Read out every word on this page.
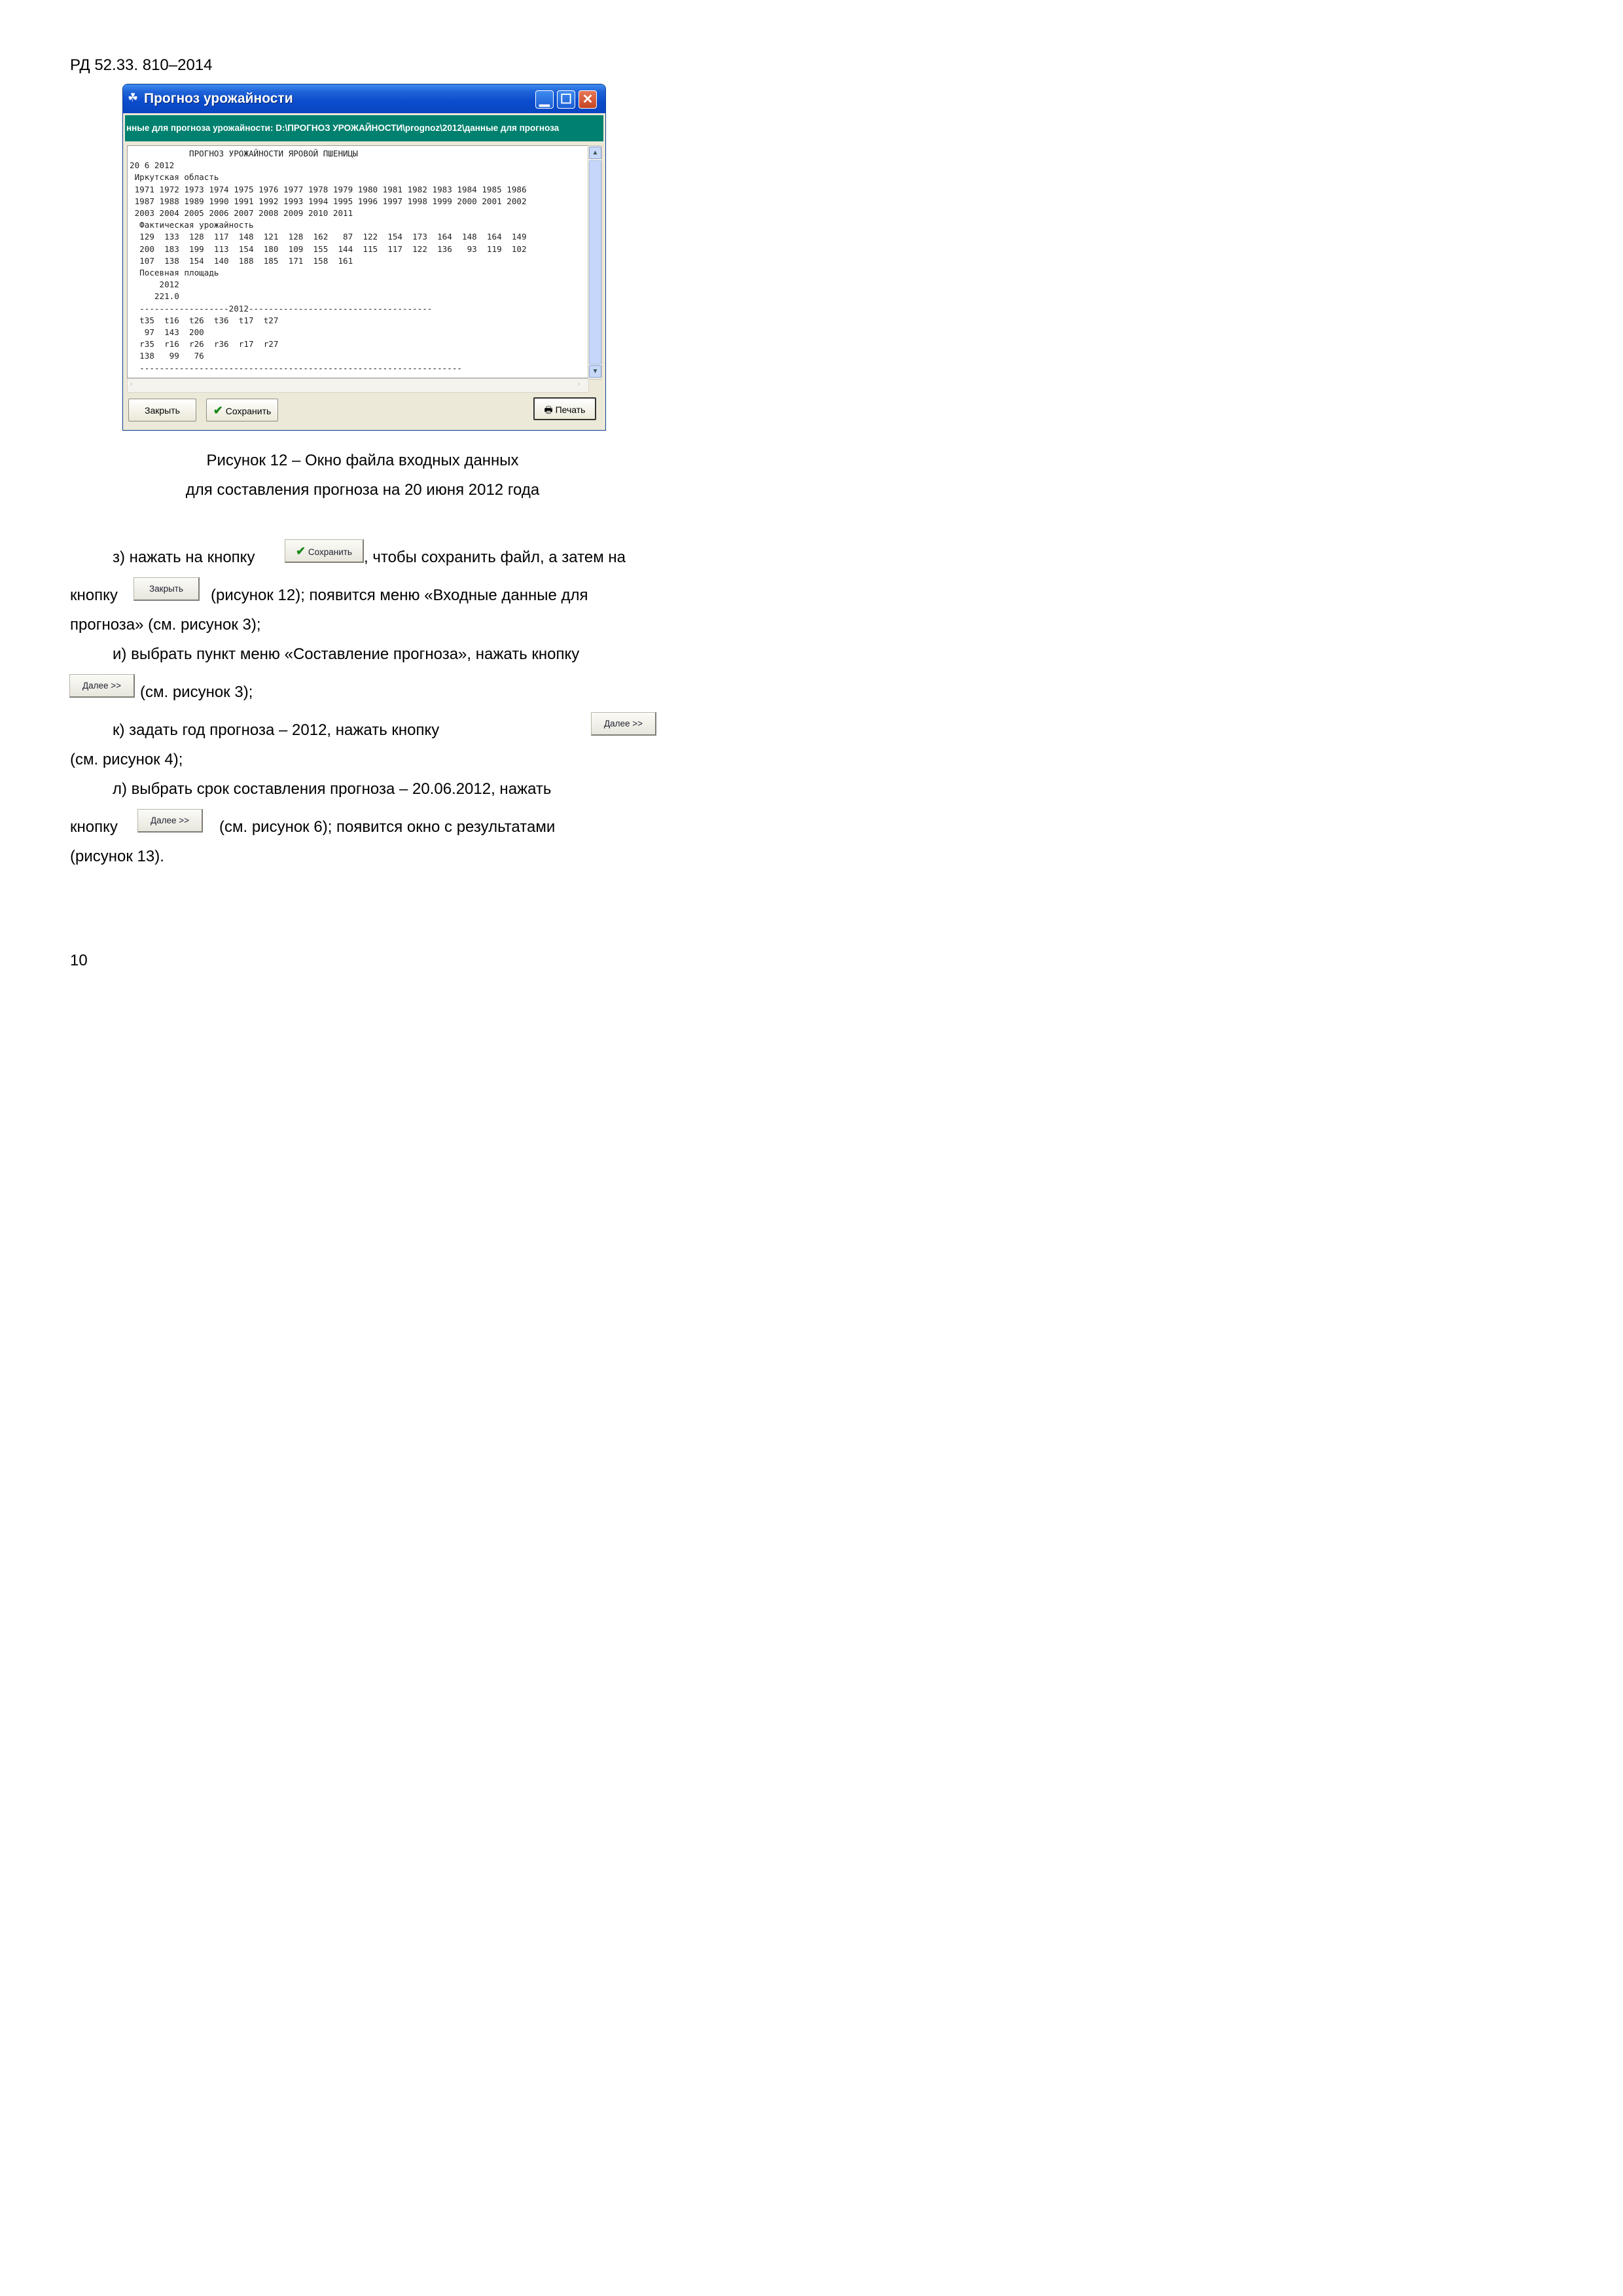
РД 52.33. 810–2014
☘ Прогноз урожайности	▁ ☐ ✕
нные для прогноза урожайности: D:\ПРОГНОЗ УРОЖАЙНОСТИ\prognoz\2012\данные для прогноза
ПРОГНОЗ УРОЖАЙНОСТИ ЯРОВОЙ ПШЕНИЦЫ
20 6 2012
Иркутская область
1971 1972 1973 1974 1975 1976 1977 1978 1979 1980 1981 1982 1983 1984 1985 1986
1987 1988 1989 1990 1991 1992 1993 1994 1995 1996 1997 1998 1999 2000 2001 2002
2003 2004 2005 2006 2007 2008 2009 2010 2011
Фактическая урожайность
129  133  128  117  148  121  128  162   87  122  154  173  164  148  164  149
200  183  199  113  154  180  109  155  144  115  117  122  136   93  119  102
107  138  154  140  188  185  171  158  161
Посевная площадь
2012
221.0
------------------2012-------------------------------------
t35  t16  t26  t36  t17  t27
97  143  200
r35  r16  r26  r36  r17  r27
138   99   76
-----------------------------------------------------------------
▲
▼
‹	›
Закрыть	✔ Сохранить	🖶 Печать
Рисунок 12 – Окно файла входных данных
для составления прогноза на 20 июня 2012 года
з) нажать на кнопку	✔ Сохранить , чтобы сохранить файл, а затем на
кнопку	Закрыть	(рисунок 12); появится меню «Входные данные для
прогноза» (см. рисунок 3);
и) выбрать пункт меню «Составление прогноза», нажать кнопку
Далее >>	(см. рисунок 3);
к) задать год прогноза – 2012, нажать кнопку	Далее >>
(см. рисунок 4);
л) выбрать срок составления прогноза – 20.06.2012, нажать
кнопку	Далее >>	(см. рисунок 6); появится окно с результатами
(рисунок 13).
10
